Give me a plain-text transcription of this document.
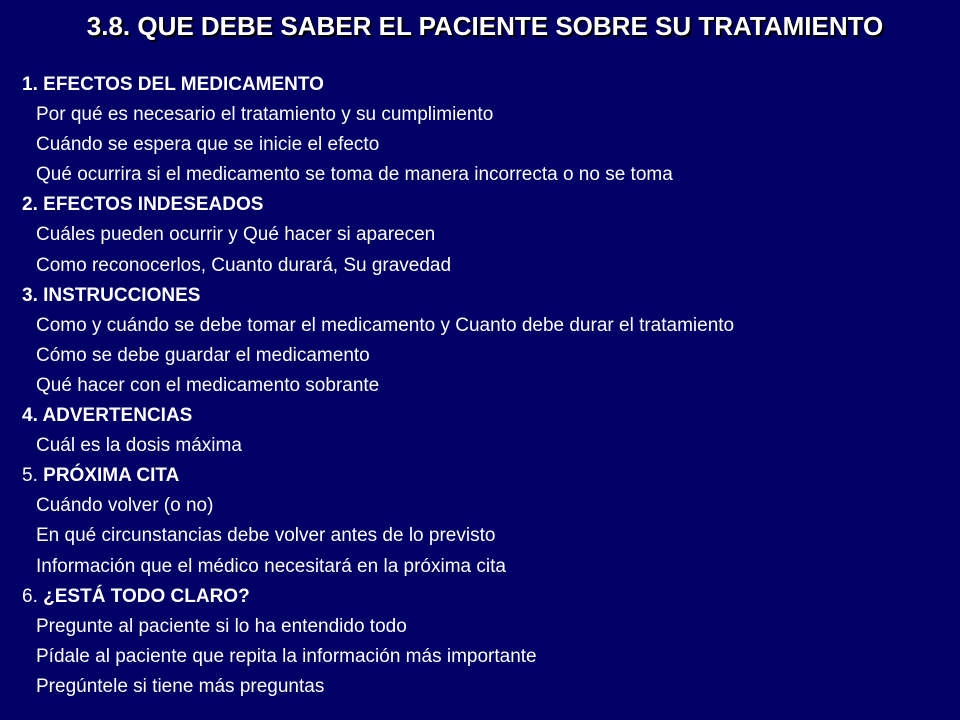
3.8. QUE DEBE SABER EL PACIENTE SOBRE SU TRATAMIENTO
1. EFECTOS DEL MEDICAMENTO
Por qué es necesario el tratamiento y su cumplimiento
Cuándo se espera que se inicie el efecto
Qué ocurrira si el medicamento se toma de manera incorrecta o no se toma
2. EFECTOS INDESEADOS
Cuáles pueden ocurrir y Qué hacer si aparecen
Como reconocerlos, Cuanto durará, Su gravedad
3. INSTRUCCIONES
Como y cuándo se debe tomar el medicamento y Cuanto debe durar el tratamiento
Cómo se debe guardar el medicamento
Qué hacer con el medicamento sobrante
4. ADVERTENCIAS
Cuál es la dosis máxima
5. PRÓXIMA CITA
Cuándo volver (o no)
En qué circunstancias debe volver antes de lo previsto
Información que el médico necesitará en la próxima cita
6. ¿ESTÁ TODO CLARO?
Pregunte al paciente si lo ha entendido todo
Pídale al paciente que repita la información más importante
Pregúntele si tiene más preguntas
